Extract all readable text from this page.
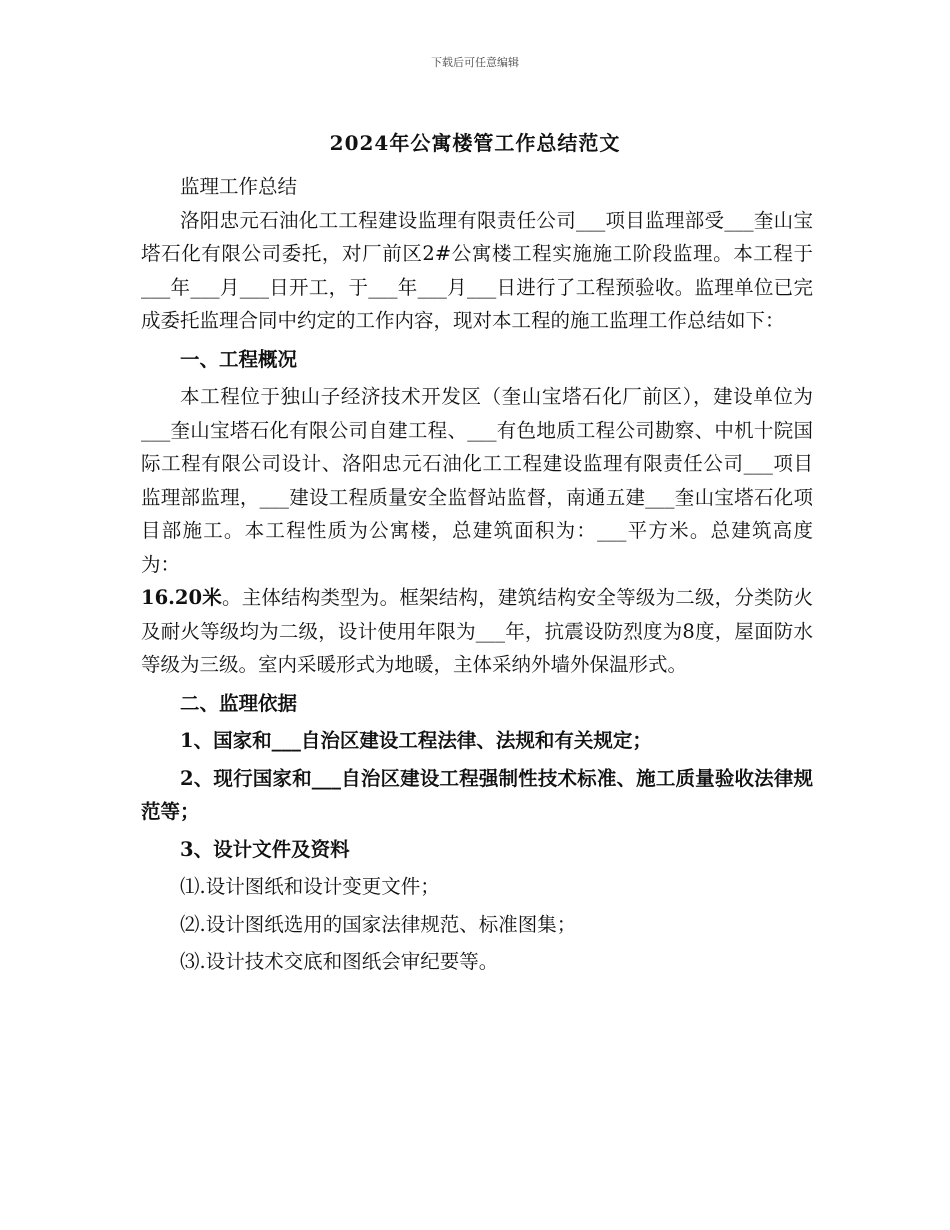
下载后可任意编辑
2024年公寓楼管工作总结范文

监理工作总结

洛阳忠元石油化工工程建设监理有限责任公司___项目监理部受___奎山宝塔石化有限公司委托，对厂前区2#公寓楼工程实施施工阶段监理。本工程于___年___月___日开工，于___年___月___日进行了工程预验收。监理单位已完成委托监理合同中约定的工作内容，现对本工程的施工监理工作总结如下：

一、工程概况

本工程位于独山子经济技术开发区（奎山宝塔石化厂前区），建设单位为___奎山宝塔石化有限公司自建工程、___有色地质工程公司勘察、中机十院国际工程有限公司设计、洛阳忠元石油化工工程建设监理有限责任公司___项目监理部监理，___建设工程质量安全监督站监督，南通五建___奎山宝塔石化项目部施工。本工程性质为公寓楼，总建筑面积为：___平方米。总建筑高度为：

16.20米。主体结构类型为。框架结构，建筑结构安全等级为二级，分类防火及耐火等级均为二级，设计使用年限为___年，抗震设防烈度为8度，屋面防水等级为三级。室内采暖形式为地暖，主体采纳外墙外保温形式。

二、监理依据

1、国家和___自治区建设工程法律、法规和有关规定；

2、现行国家和___自治区建设工程强制性技术标准、施工质量验收法律规范等；

3、设计文件及资料

⑴.设计图纸和设计变更文件；

⑵.设计图纸选用的国家法律规范、标准图集；

⑶.设计技术交底和图纸会审纪要等。
